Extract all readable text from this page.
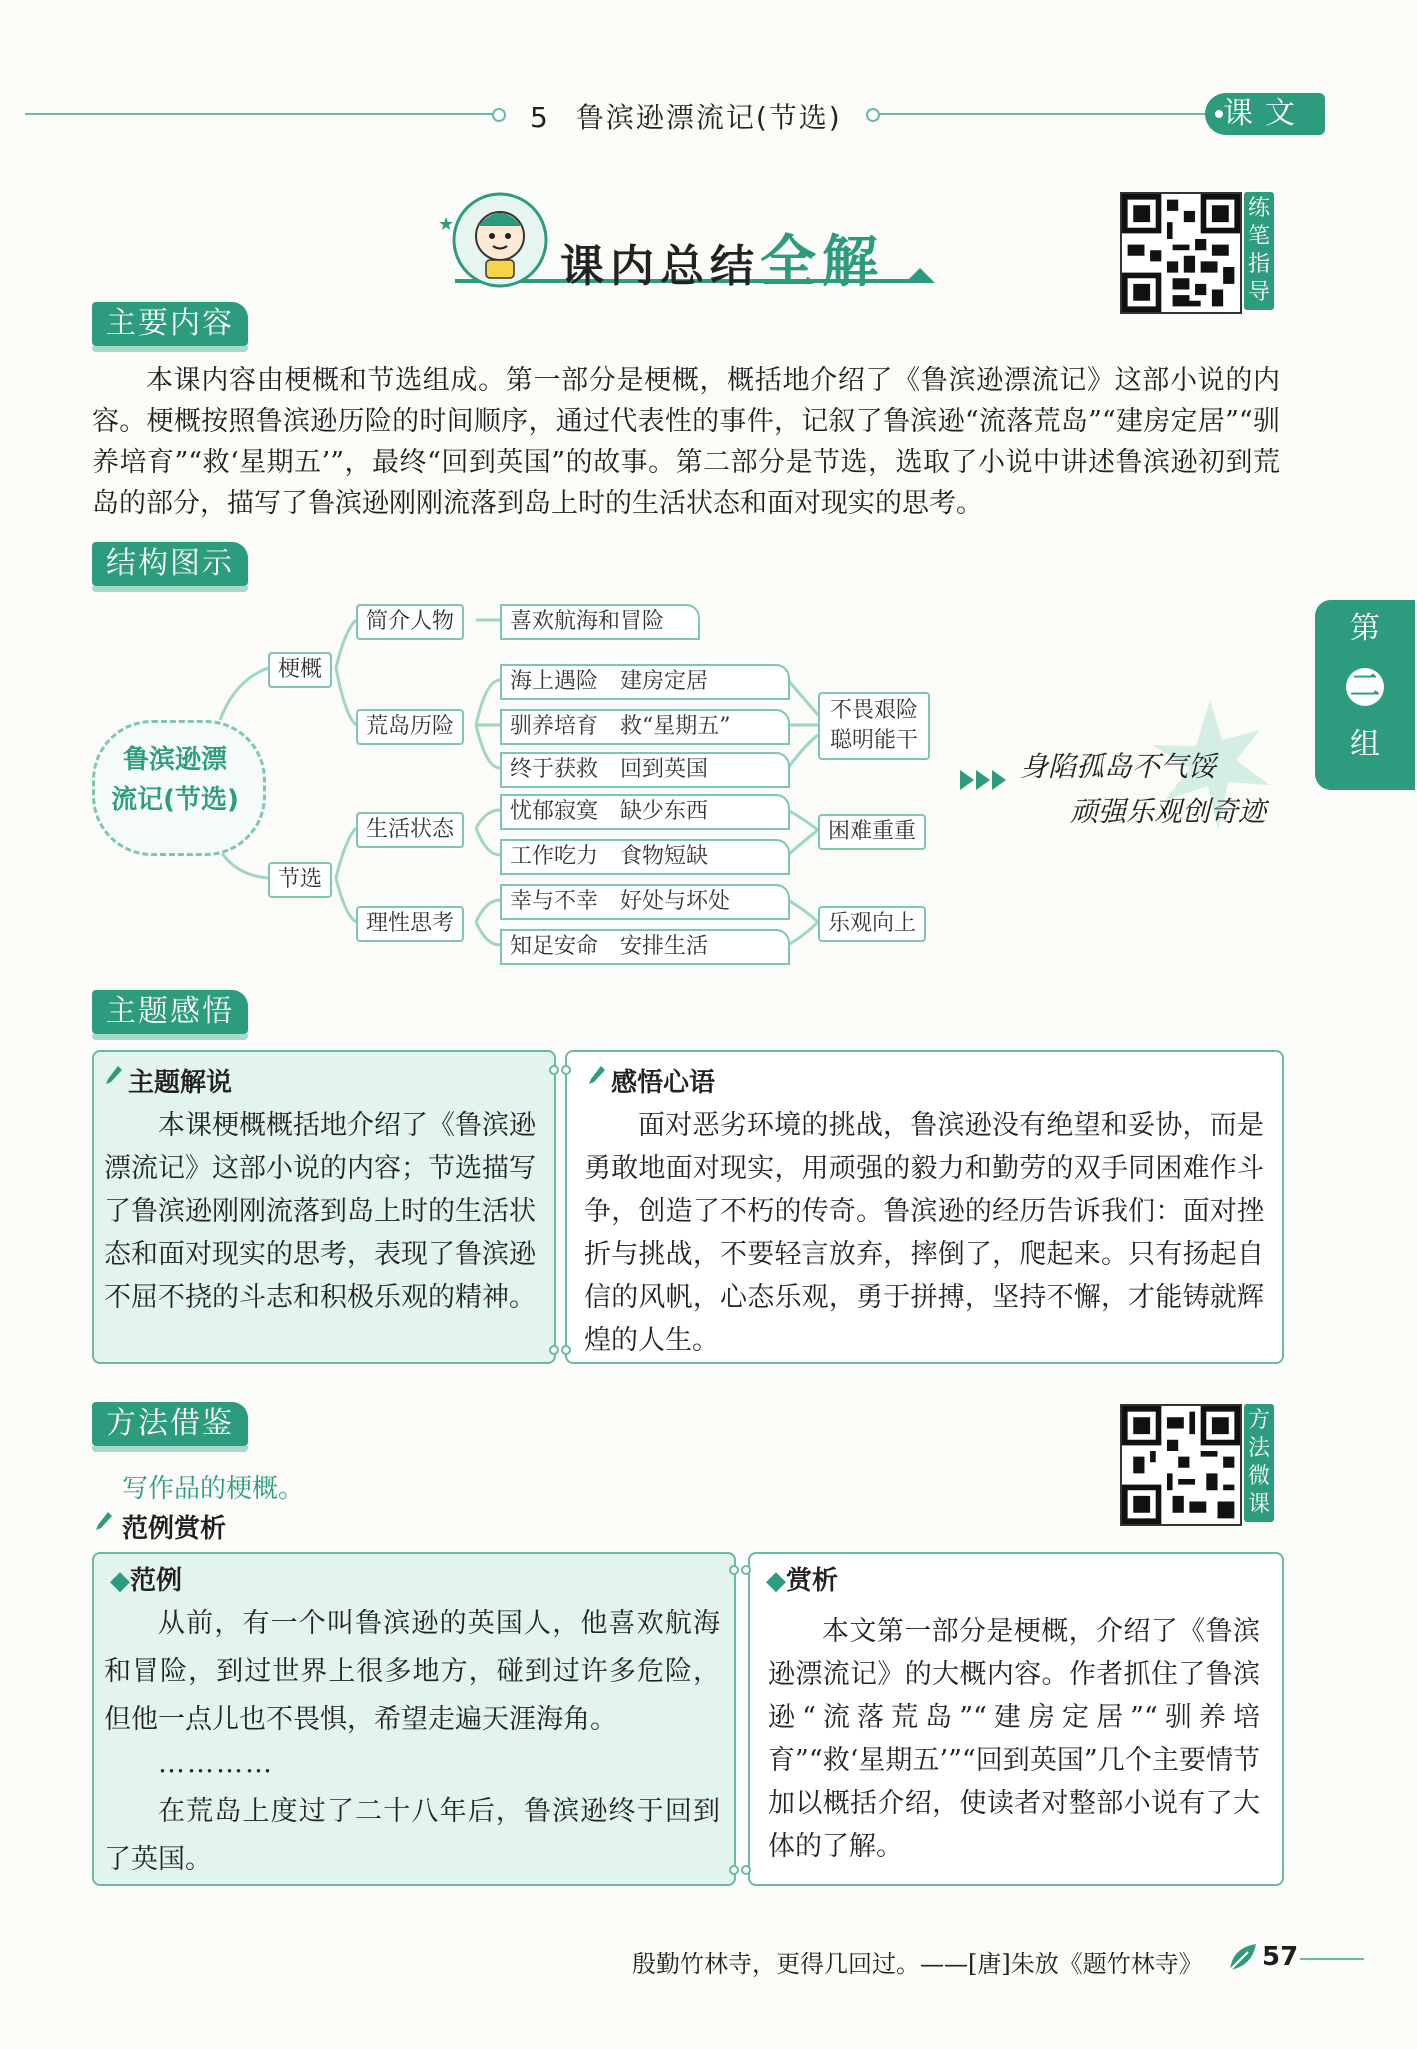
5 鲁滨逊漂流记(节选)	课文
★
课内总结全解
练笔指导
第
二
组
主要内容
本课内容由梗概和节选组成。第一部分是梗概，概括地介绍了《鲁滨逊漂流记》这部小说的内容。梗概按照鲁滨逊历险的时间顺序，通过代表性的事件，记叙了鲁滨逊“流落荒岛”“建房定居”“驯养培育”“救‘星期五’”，最终“回到英国”的故事。第二部分是节选，选取了小说中讲述鲁滨逊初到荒岛的部分，描写了鲁滨逊刚刚流落到岛上时的生活状态和面对现实的思考。
结构图示
鲁滨逊漂
流记(节选)
梗概
节选
简介人物
荒岛历险
生活状态
理性思考
喜欢航海和冒险
海上遇险　建房定居
驯养培育　救“星期五”
终于获救　回到英国
忧郁寂寞　缺少东西
工作吃力　食物短缺
幸与不幸　好处与坏处
知足安命　安排生活
不畏艰险
聪明能干
困难重重
乐观向上
身陷孤岛不气馁
顽强乐观创奇迹
主题感悟
主题解说
本课梗概概括地介绍了《鲁滨逊漂流记》这部小说的内容；节选描写了鲁滨逊刚刚流落到岛上时的生活状态和面对现实的思考，表现了鲁滨逊不屈不挠的斗志和积极乐观的精神。
感悟心语
面对恶劣环境的挑战，鲁滨逊没有绝望和妥协，而是勇敢地面对现实，用顽强的毅力和勤劳的双手同困难作斗争，创造了不朽的传奇。鲁滨逊的经历告诉我们：面对挫折与挑战，不要轻言放弃，摔倒了，爬起来。只有扬起自信的风帆，心态乐观，勇于拼搏，坚持不懈，才能铸就辉煌的人生。
方法借鉴	方法微课
写作品的梗概。
范例赏析
◆范例
从前，有一个叫鲁滨逊的英国人，他喜欢航海和冒险，到过世界上很多地方，碰到过许多危险，但他一点儿也不畏惧，希望走遍天涯海角。
…………
在荒岛上度过了二十八年后，鲁滨逊终于回到了英国。
◆赏析
本文第一部分是梗概，介绍了《鲁滨逊漂流记》的大概内容。作者抓住了鲁滨逊“流落荒岛”“建房定居”“驯养培育”“救‘星期五’”“回到英国”几个主要情节加以概括介绍，使读者对整部小说有了大体的了解。
殷勤竹林寺，更得几回过。——[唐]朱放《题竹林寺》 57
